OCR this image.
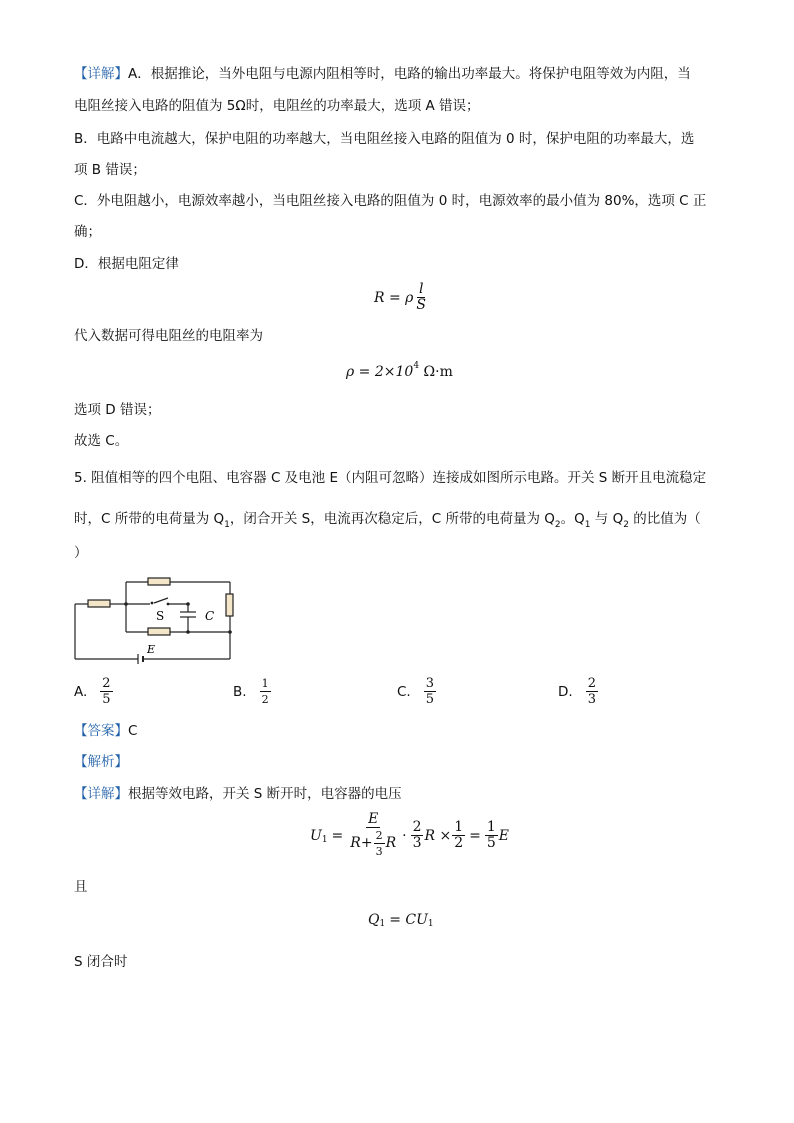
【详解】A．根据推论，当外电阻与电源内阻相等时，电路的输出功率最大。将保护电阻等效为内阻，当
电阻丝接入电路的阻值为 5Ω时，电阻丝的功率最大，选项 A 错误；
B．电路中电流越大，保护电阻的功率越大，当电阻丝接入电路的阻值为 0 时，保护电阻的功率最大，选
项 B 错误；
C．外电阻越小，电源效率越小，当电阻丝接入电路的阻值为 0 时，电源效率的最小值为 80%，选项 C 正
确；
D．根据电阻定律
R = ρ $\frac{l}{S}$
代入数据可得电阻丝的电阻率为
ρ = 2×10 4
Ω·m
选项 D 错误；
故选 C。
5. 阻值相等的四个电阻、电容器 C 及电池 E（内阻可忽略）连接成如图所示电路。开关 S 断开且电流稳定
时，C 所带的电荷量为 $Q_1$，闭合开关 S，电流再次稳定后，C 所带的电荷量为 $Q_2$。$Q_1$ 与 $Q_2$ 的比值为（
）
S	C
E
A. $\frac{2}{5}$	B. $\frac{1}{2}$	C. $\frac{3}{5}$	D. $\frac{2}{3}$
【答案】C
【解析】
【详解】根据等效电路，开关 S 断开时，电容器的电压
U $1 = \frac{E}{R+ \frac{2}{3} R} \cdot \frac{2}{3}$ $R \times \frac{1}{2} = \frac{1}{5}$ E
且
Q 1 = CU 1
S 闭合时
